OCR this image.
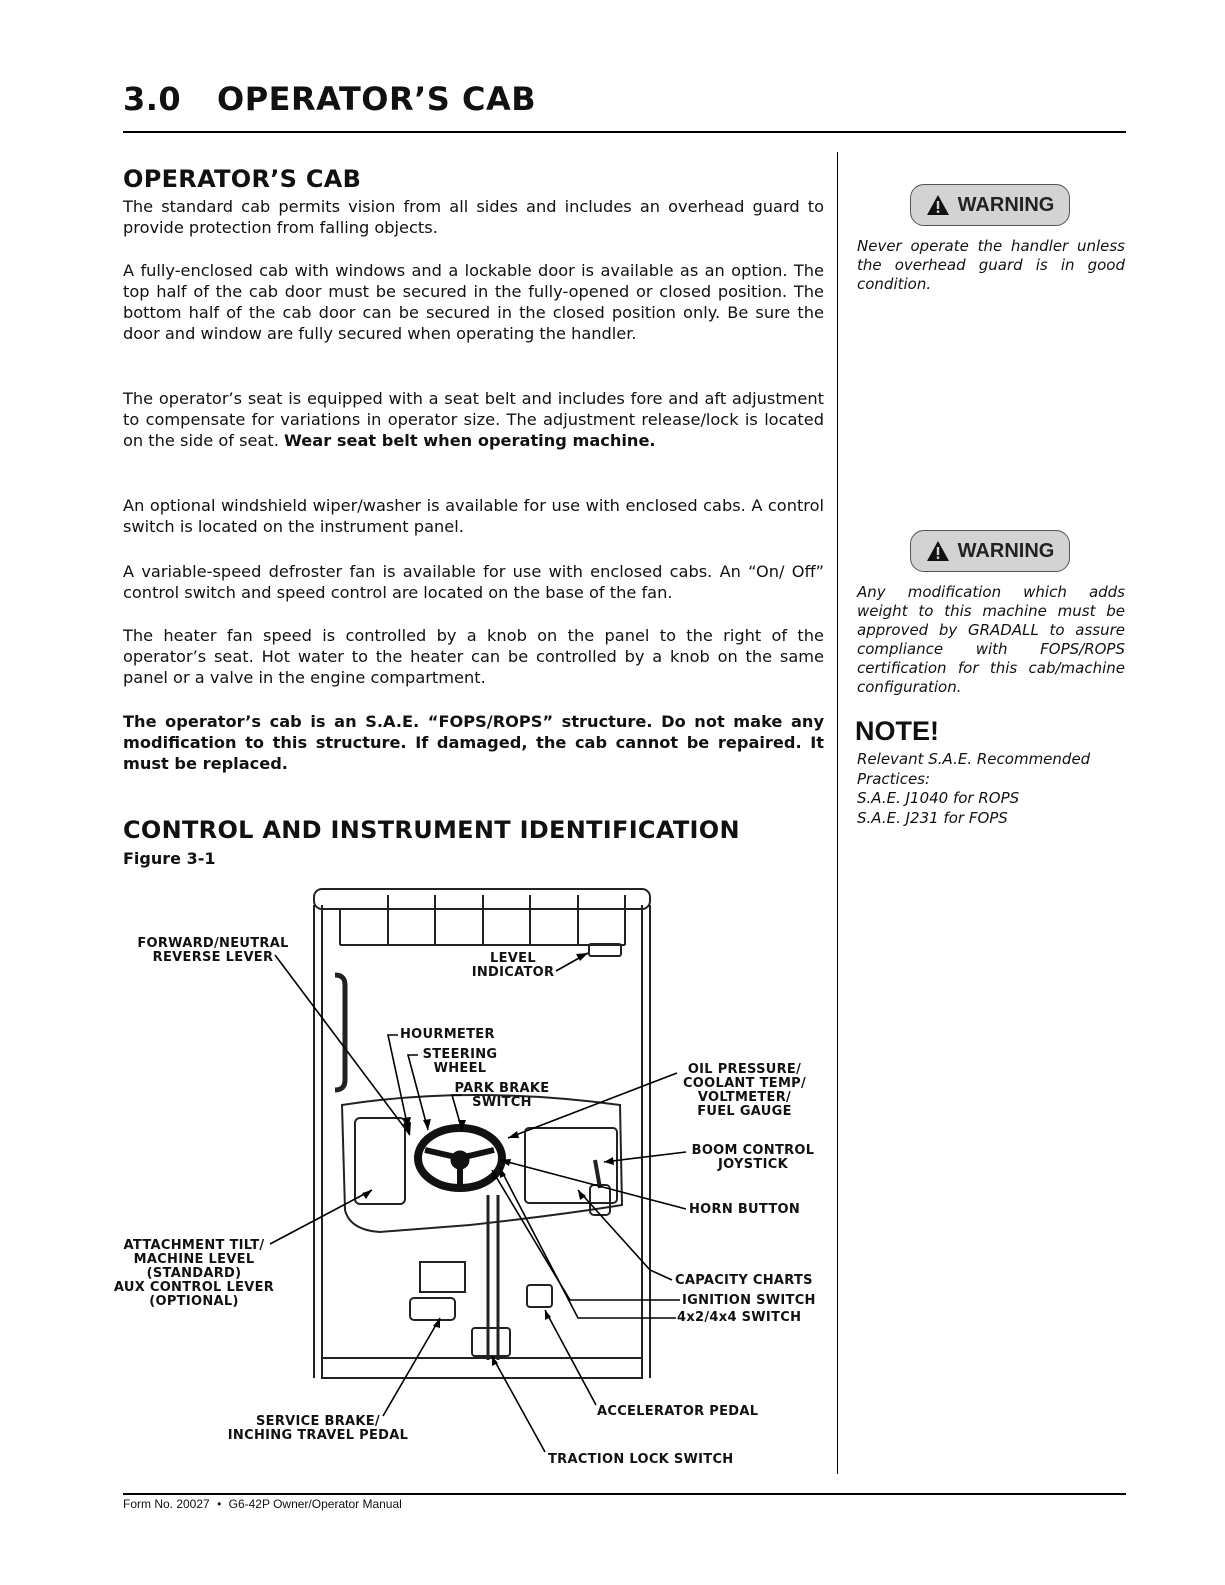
3.0 OPERATOR’S CAB
OPERATOR’S CAB

The standard cab permits vision from all sides and includes an overhead guard to provide protection from falling objects.

A fully-enclosed cab with windows and a lockable door is available as an option. The top half of the cab door must be secured in the fully-opened or closed position. The bottom half of the cab door can be secured in the closed position only. Be sure the door and window are fully secured when operating the handler.

The operator’s seat is equipped with a seat belt and includes fore and aft adjustment to compensate for variations in operator size. The adjustment release/lock is located on the side of seat. Wear seat belt when operating machine.

An optional windshield wiper/washer is available for use with enclosed cabs. A control switch is located on the instrument panel.

A variable-speed defroster fan is available for use with enclosed cabs. An “On/ Off” control switch and speed control are located on the base of the fan.

The heater fan speed is controlled by a knob on the panel to the right of the operator’s seat. Hot water to the heater can be controlled by a knob on the same panel or a valve in the engine compartment.

The operator’s cab is an S.A.E. “FOPS/ROPS” structure. Do not make any modification to this structure. If damaged, the cab cannot be repaired. It must be replaced.

CONTROL AND INSTRUMENT IDENTIFICATION
Figure 3-1
WARNING

Never operate the handler unless the overhead guard is in good condition.

WARNING

Any modification which adds weight to this machine must be approved by GRADALL to assure compliance with FOPS/ROPS certification for this cab/machine configuration.

NOTE!
Relevant S.A.E. Recommended
Practices:
S.A.E. J1040 for ROPS
S.A.E. J231 for FOPS
FORWARD/NEUTRAL
REVERSE LEVER	LEVEL
INDICATOR
HOURMETER
STEERING
WHEEL
PARK BRAKE
SWITCH
OIL PRESSURE/
COOLANT TEMP/
VOLTMETER/
FUEL GAUGE
BOOM CONTROL
JOYSTICK
HORN BUTTON
ATTACHMENT TILT/
MACHINE LEVEL
(STANDARD)
AUX CONTROL LEVER
(OPTIONAL)
CAPACITY CHARTS
IGNITION SWITCH
4x2/4x4 SWITCH
ACCELERATOR PEDAL
SERVICE BRAKE/
INCHING TRAVEL PEDAL
TRACTION LOCK SWITCH
Form No. 20027 • G6-42P Owner/Operator Manual
